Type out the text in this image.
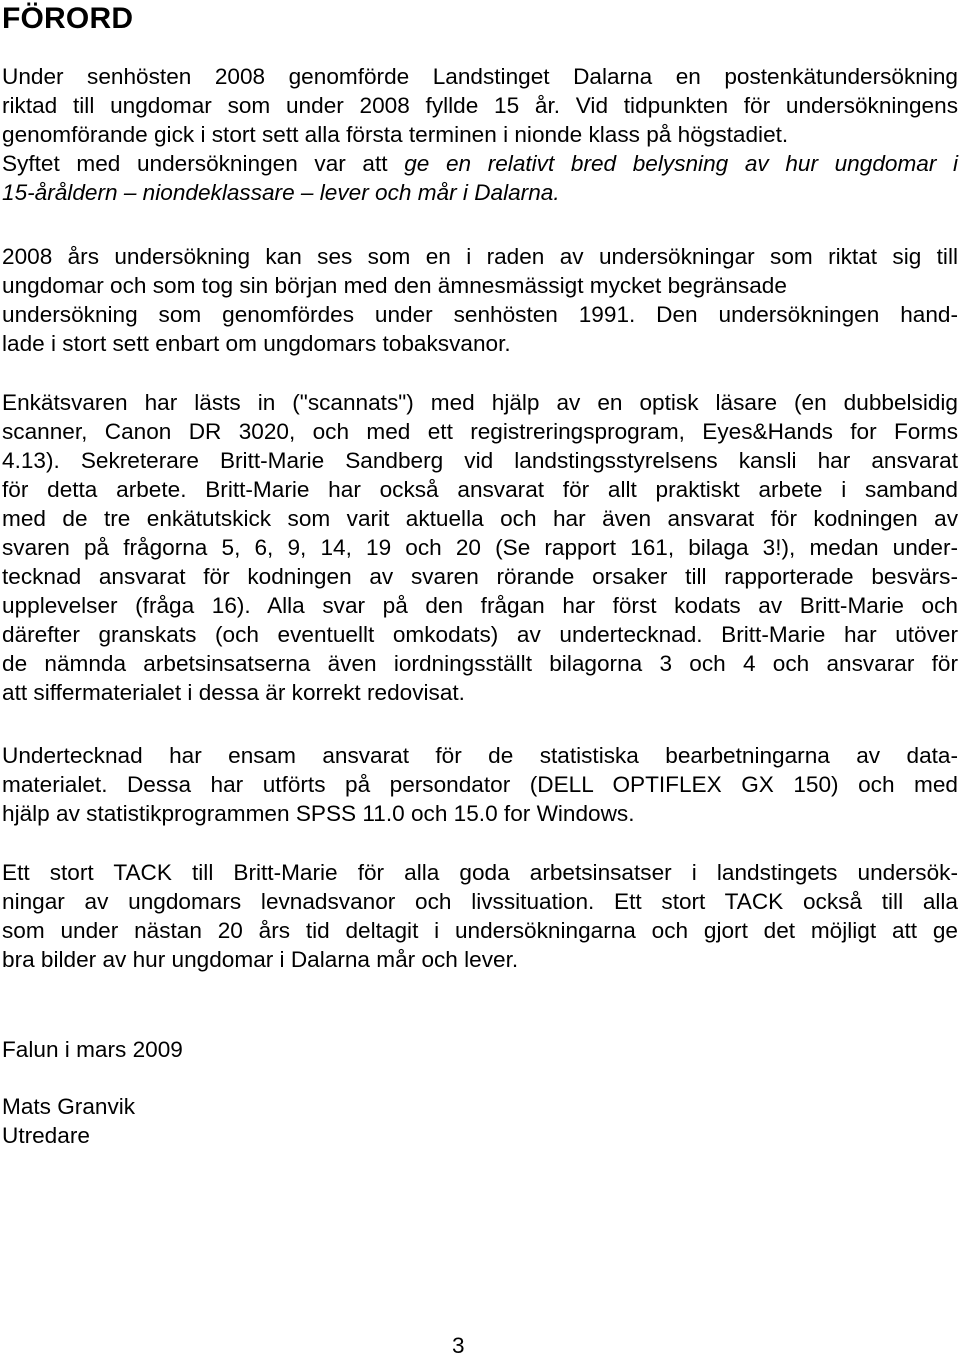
FÖRORD

Under senhösten 2008 genomförde Landstinget Dalarna en postenkätundersökning
riktad till ungdomar som under 2008 fyllde 15 år. Vid tidpunkten för undersökningens
genomförande gick i stort sett alla första terminen i nionde klass på högstadiet.
Syftet med undersökningen var att ge en relativt bred belysning av hur ungdomar i
15-åråldern – niondeklassare – lever och mår i Dalarna.

2008 års undersökning kan ses som en i raden av undersökningar som riktat sig till
ungdomar och som tog sin början med den ämnesmässigt mycket begränsade
undersökning som genomfördes under senhösten 1991. Den undersökningen hand-
lade i stort sett enbart om ungdomars tobaksvanor.

Enkätsvaren har lästs in ("scannats") med hjälp av en optisk läsare (en dubbelsidig
scanner, Canon DR 3020, och med ett registreringsprogram, Eyes&Hands for Forms
4.13). Sekreterare Britt-Marie Sandberg vid landstingsstyrelsens kansli har ansvarat
för detta arbete. Britt-Marie har också ansvarat för allt praktiskt arbete i samband
med de tre enkätutskick som varit aktuella och har även ansvarat för kodningen av
svaren på frågorna 5, 6, 9, 14, 19 och 20 (Se rapport 161, bilaga 3!), medan under-
tecknad ansvarat för kodningen av svaren rörande orsaker till rapporterade besvärs-
upplevelser (fråga 16). Alla svar på den frågan har först kodats av Britt-Marie och
därefter granskats (och eventuellt omkodats) av undertecknad. Britt-Marie har utöver
de nämnda arbetsinsatserna även iordningsställt bilagorna 3 och 4 och ansvarar för
att siffermaterialet i dessa är korrekt redovisat.

Undertecknad har ensam ansvarat för de statistiska bearbetningarna av data-
materialet. Dessa har utförts på persondator (DELL OPTIFLEX GX 150) och med
hjälp av statistikprogrammen SPSS 11.0 och 15.0 for Windows.

Ett stort TACK till Britt-Marie för alla goda arbetsinsatser i landstingets undersök-
ningar av ungdomars levnadsvanor och livssituation. Ett stort TACK också till alla
som under nästan 20 års tid deltagit i undersökningarna och gjort det möjligt att ge
bra bilder av hur ungdomar i Dalarna mår och lever.

Falun i mars 2009

Mats Granvik
Utredare

3
